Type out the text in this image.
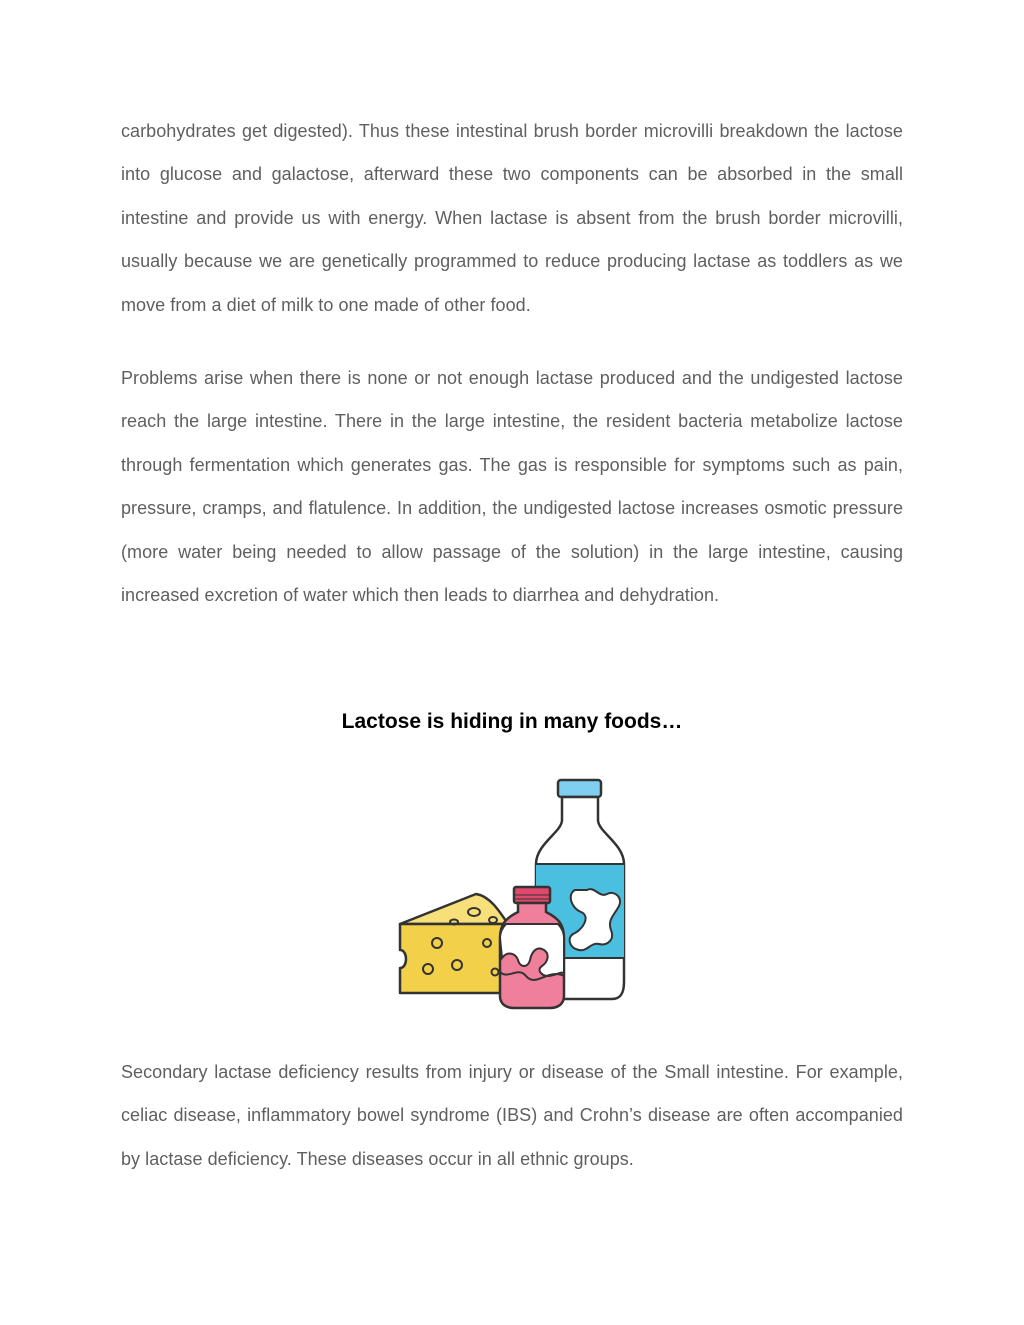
carbohydrates get digested). Thus these intestinal brush border microvilli breakdown the lactose into glucose and galactose, afterward these two components can be absorbed in the small intestine and provide us with energy. When lactase is absent from the brush border microvilli, usually because we are genetically programmed to reduce producing lactase as toddlers as we move from a diet of milk to one made of other food.

Problems arise when there is none or not enough lactase produced and the undigested lactose reach the large intestine. There in the large intestine, the resident bacteria metabolize lactose through fermentation which generates gas. The gas is responsible for symptoms such as pain, pressure, cramps, and flatulence. In addition, the undigested lactose increases osmotic pressure (more water being needed to allow passage of the solution) in the large intestine, causing increased excretion of water which then leads to diarrhea and dehydration.

Lactose is hiding in many foods…

Secondary lactase deficiency results from injury or disease of the Small intestine. For example, celiac disease, inflammatory bowel syndrome (IBS) and Crohn’s disease are often accompanied by lactase deficiency. These diseases occur in all ethnic groups.
